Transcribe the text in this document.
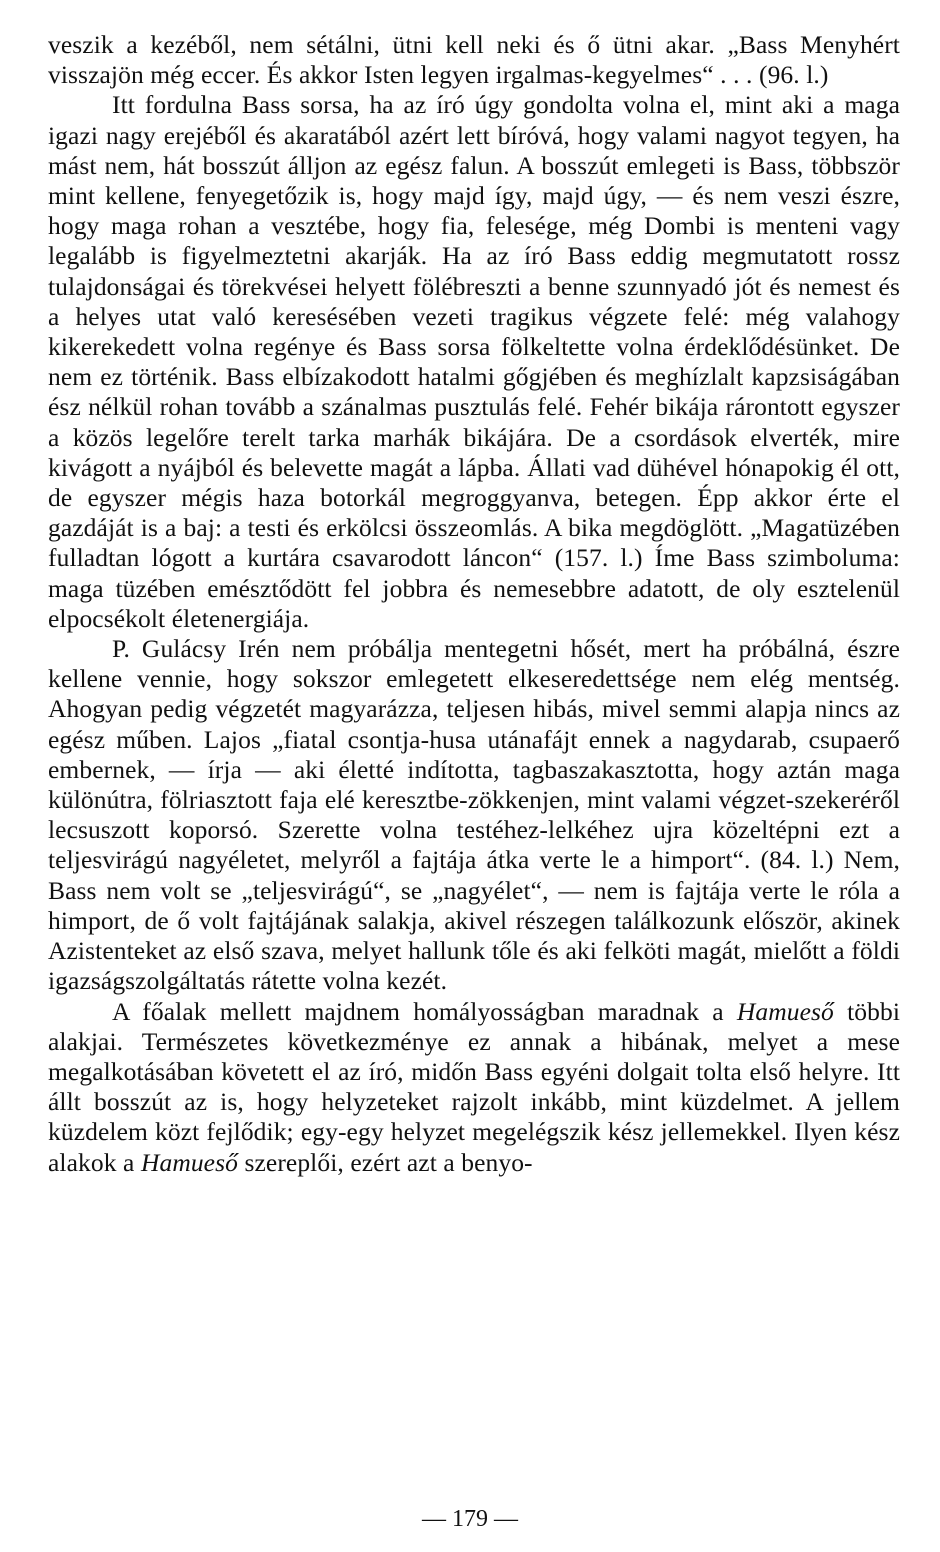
veszik a kezéből, nem sétálni, ütni kell neki és ő ütni akar. „Bass Menyhért visszajön még eccer. És akkor Isten legyen irgalmas-kegyelmes“ . . . (96. l.)

Itt fordulna Bass sorsa, ha az író úgy gondolta volna el, mint aki a maga igazi nagy erejéből és akaratából azért lett bíróvá, hogy valami nagyot tegyen, ha mást nem, hát bosszút álljon az egész falun. A bosszút emlegeti is Bass, többször mint kellene, fenyegetőzik is, hogy majd így, majd úgy, — és nem veszi észre, hogy maga rohan a vesztébe, hogy fia, felesége, még Dombi is menteni vagy legalább is figyelmeztetni akarják. Ha az író Bass eddig megmutatott rossz tulajdonságai és törekvései helyett fölébreszti a benne szunnyadó jót és nemest és a helyes utat való keresésében vezeti tragikus végzete felé: még valahogy kikerekedett volna regénye és Bass sorsa fölkeltette volna érdeklődésünket. De nem ez történik. Bass elbízakodott hatalmi gőgjében és meghízlalt kapzsiságában ész nélkül rohan tovább a szánalmas pusztulás felé. Fehér bikája rárontott egyszer a közös legelőre terelt tarka marhák bikájára. De a csordások elverték, mire kivágott a nyájból és belevette magát a lápba. Állati vad dühével hónapokig él ott, de egyszer mégis haza botorkál megroggyanva, betegen. Épp akkor érte el gazdáját is a baj: a testi és erkölcsi összeomlás. A bika megdöglött. „Magatüzében fulladtan lógott a kurtára csavarodott láncon“ (157. l.) Íme Bass szimboluma: maga tüzében emésztődött fel jobbra és nemesebbre adatott, de oly esztelenül elpocsékolt életenergiája.

P. Gulácsy Irén nem próbálja mentegetni hősét, mert ha próbálná, észre kellene vennie, hogy sokszor emlegetett elkeseredettsége nem elég mentség. Ahogyan pedig végzetét magyarázza, teljesen hibás, mivel semmi alapja nincs az egész műben. Lajos „fiatal csontja-husa utánafájt ennek a nagydarab, csupaerő embernek, — írja — aki életté indította, tagbaszakasztotta, hogy aztán maga különútra, fölriasztott faja elé keresztbe-zökkenjen, mint valami végzet-szekeréről lecsuszott koporsó. Szerette volna testéhez-lelkéhez ujra közeltépni ezt a teljesvirágú nagyéletet, melyről a fajtája átka verte le a himport“. (84. l.) Nem, Bass nem volt se „teljesvirágú“, se „nagyélet“, — nem is fajtája verte le róla a himport, de ő volt fajtájának salakja, akivel részegen találkozunk először, akinek Azistenteket az első szava, melyet hallunk tőle és aki felköti magát, mielőtt a földi igazságszolgáltatás rátette volna kezét.

A főalak mellett majdnem homályosságban maradnak a Hamueső többi alakjai. Természetes következménye ez annak a hibának, melyet a mese megalkotásában követett el az író, midőn Bass egyéni dolgait tolta első helyre. Itt állt bosszút az is, hogy helyzeteket rajzolt inkább, mint küzdelmet. A jellem küzdelem közt fejlődik; egy-egy helyzet megelégszik kész jellemekkel. Ilyen kész alakok a Hamueső szereplői, ezért azt a benyo-

— 179 —
